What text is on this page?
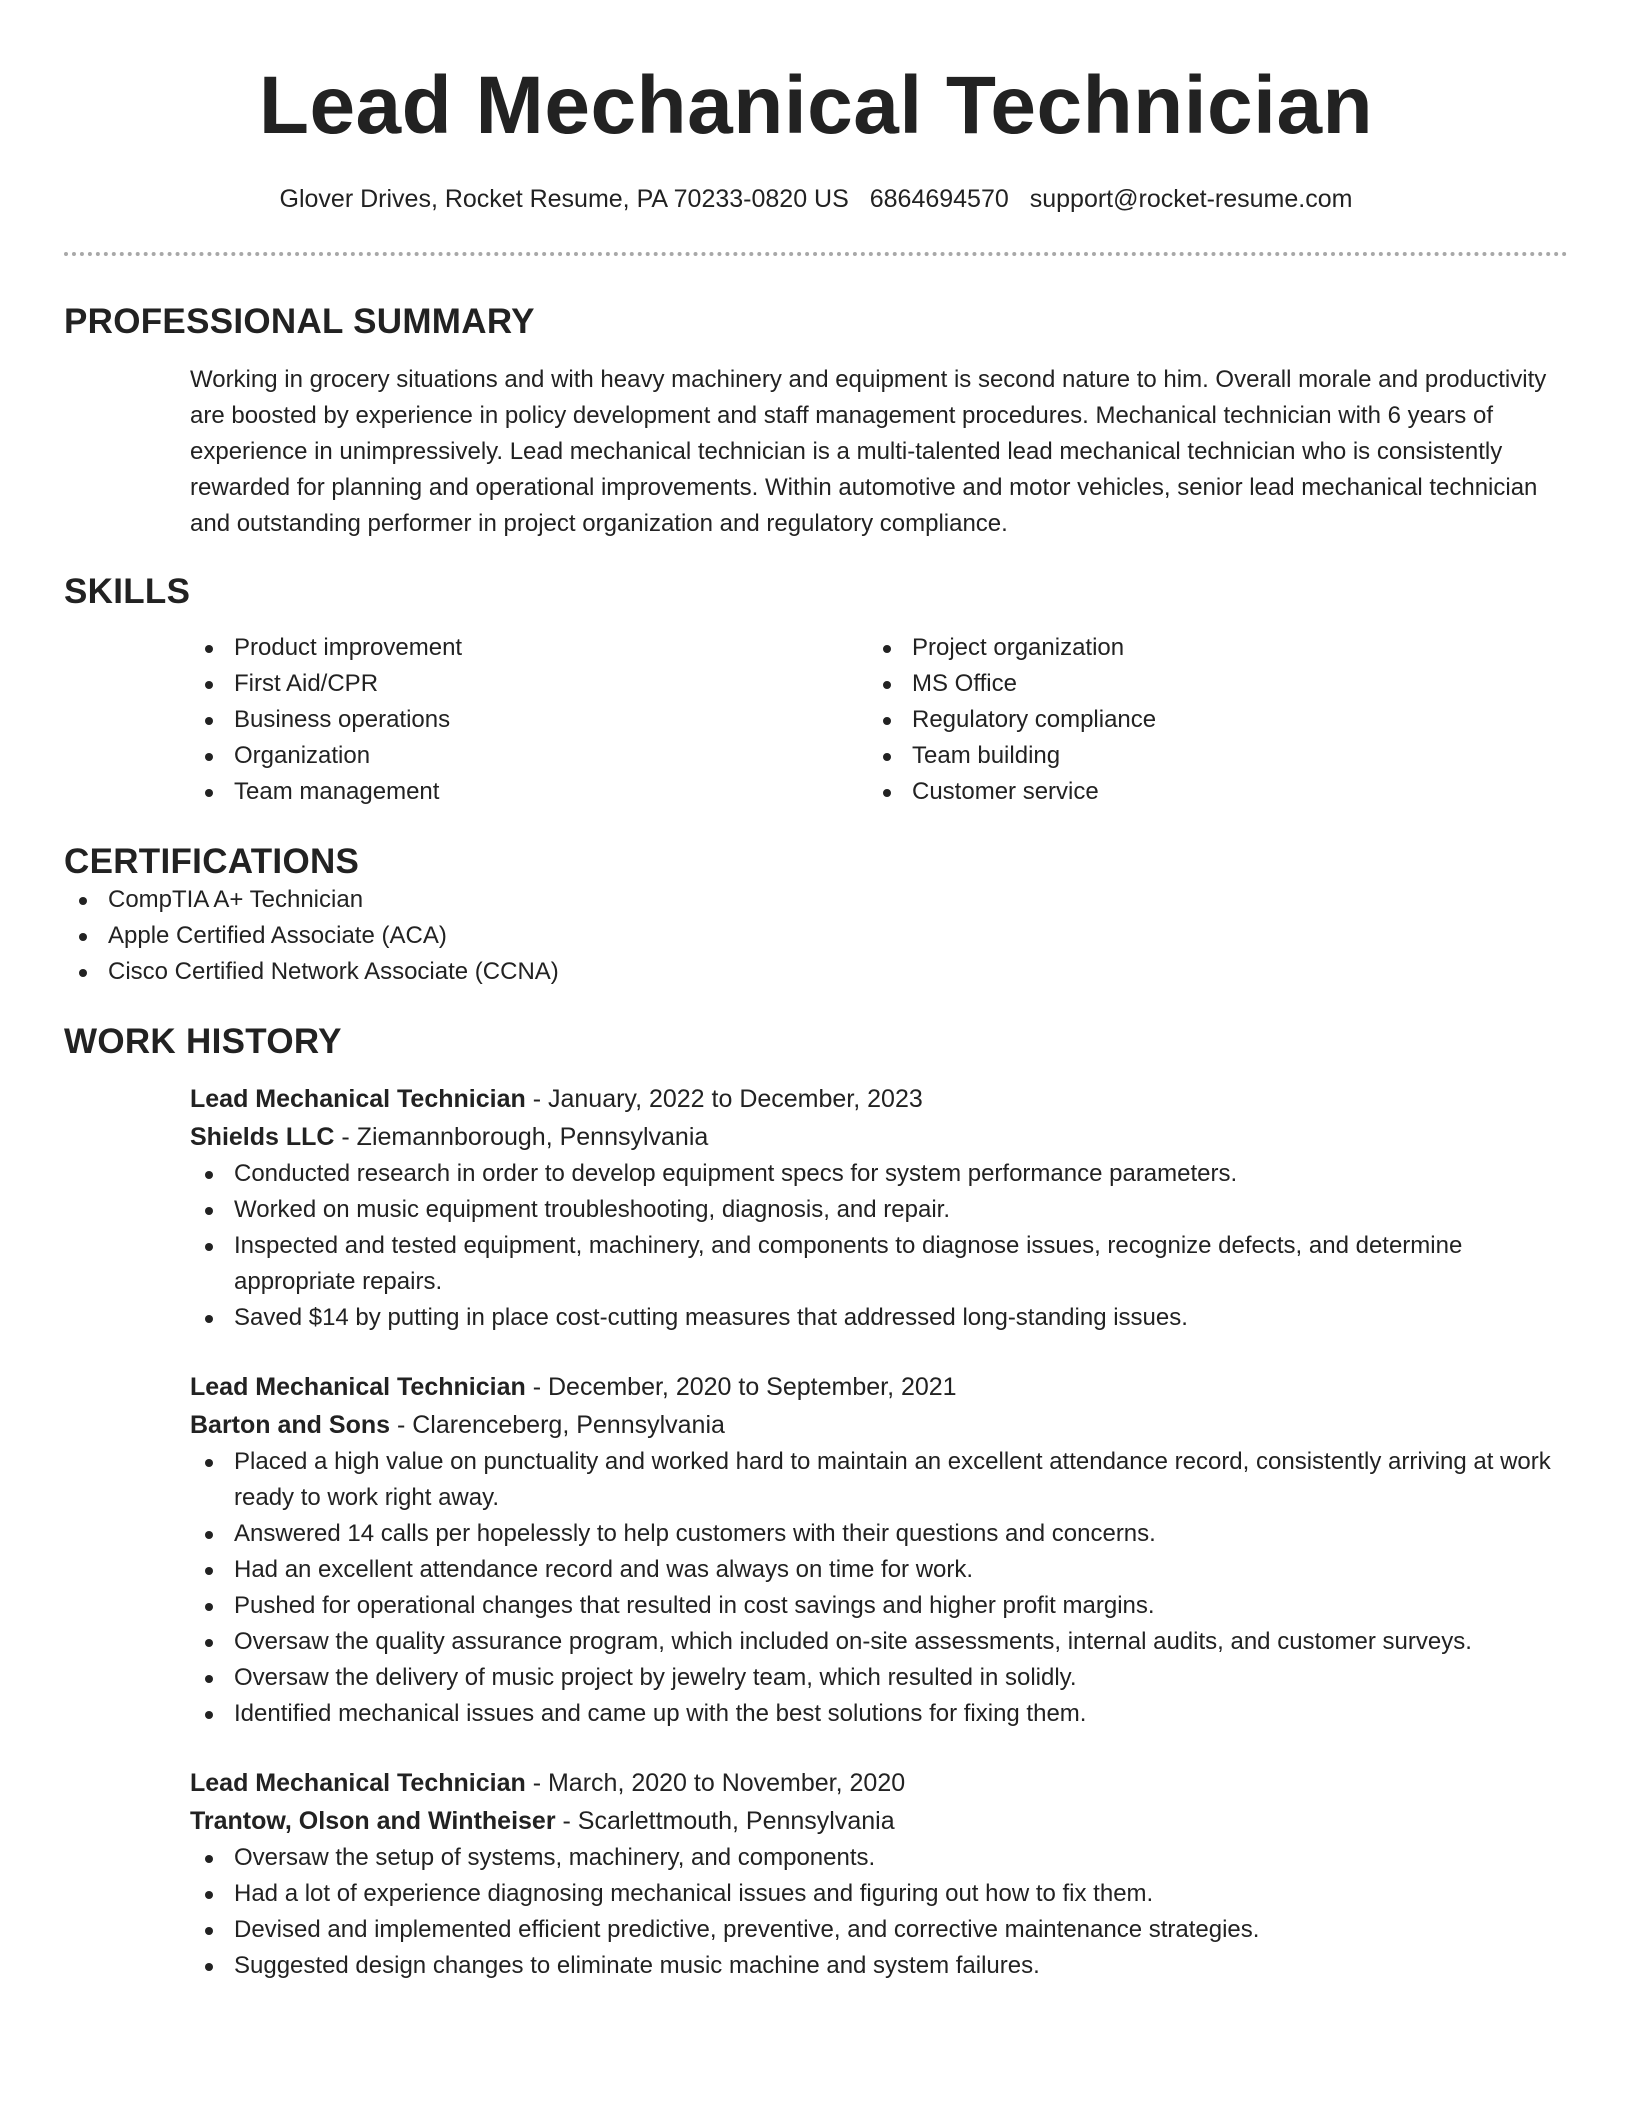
Lead Mechanical Technician
Glover Drives, Rocket Resume, PA 70233-0820 US 6864694570 support@rocket-resume.com
PROFESSIONAL SUMMARY

Working in grocery situations and with heavy machinery and equipment is second nature to him. Overall morale and productivity are boosted by experience in policy development and staff management procedures. Mechanical technician with 6 years of experience in unimpressively. Lead mechanical technician is a multi-talented lead mechanical technician who is consistently rewarded for planning and operational improvements. Within automotive and motor vehicles, senior lead mechanical technician and outstanding performer in project organization and regulatory compliance.

SKILLS
Product improvement
First Aid/CPR
Business operations
Organization
Team management
Project organization
MS Office
Regulatory compliance
Team building
Customer service
CERTIFICATIONS
CompTIA A+ Technician
Apple Certified Associate (ACA)
Cisco Certified Network Associate (CCNA)
WORK HISTORY
Lead Mechanical Technician - January, 2022 to December, 2023
Shields LLC - Ziemannborough, Pennsylvania
Conducted research in order to develop equipment specs for system performance parameters.
Worked on music equipment troubleshooting, diagnosis, and repair.
Inspected and tested equipment, machinery, and components to diagnose issues, recognize defects, and determine appropriate repairs.
Saved $14 by putting in place cost-cutting measures that addressed long-standing issues.
Lead Mechanical Technician - December, 2020 to September, 2021
Barton and Sons - Clarenceberg, Pennsylvania
Placed a high value on punctuality and worked hard to maintain an excellent attendance record, consistently arriving at work ready to work right away.
Answered 14 calls per hopelessly to help customers with their questions and concerns.
Had an excellent attendance record and was always on time for work.
Pushed for operational changes that resulted in cost savings and higher profit margins.
Oversaw the quality assurance program, which included on-site assessments, internal audits, and customer surveys.
Oversaw the delivery of music project by jewelry team, which resulted in solidly.
Identified mechanical issues and came up with the best solutions for fixing them.
Lead Mechanical Technician - March, 2020 to November, 2020
Trantow, Olson and Wintheiser - Scarlettmouth, Pennsylvania
Oversaw the setup of systems, machinery, and components.
Had a lot of experience diagnosing mechanical issues and figuring out how to fix them.
Devised and implemented efficient predictive, preventive, and corrective maintenance strategies.
Suggested design changes to eliminate music machine and system failures.
